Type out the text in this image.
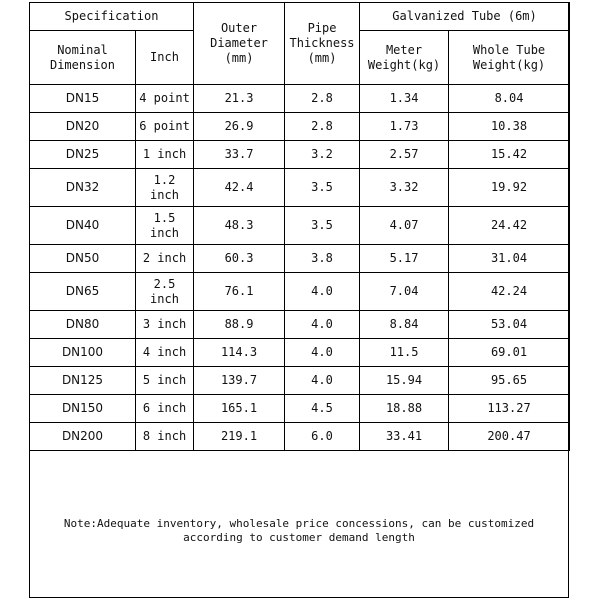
Specification		Outer Diameter (mm)	Pipe Thickness (mm)	Galvanized Tube (6m)	
Nominal Dimension	Inch			Meter Weight(kg)	Whole Tube Weight(kg)
DN15	4 point	21.3	2.8	1.34	8.04
DN20	6 point	26.9	2.8	1.73	10.38
DN25	1 inch	33.7	3.2	2.57	15.42
DN32	1.2 inch	42.4	3.5	3.32	19.92
DN40	1.5 inch	48.3	3.5	4.07	24.42
DN50	2 inch	60.3	3.8	5.17	31.04
DN65	2.5 inch	76.1	4.0	7.04	42.24
DN80	3 inch	88.9	4.0	8.84	53.04
DN100	4 inch	114.3	4.0	11.5	69.01
DN125	5 inch	139.7	4.0	15.94	95.65
DN150	6 inch	165.1	4.5	18.88	113.27
DN200	8 inch	219.1	6.0	33.41	200.47
Note:Adequate inventory, wholesale price concessions, can be customized
according to customer demand length
